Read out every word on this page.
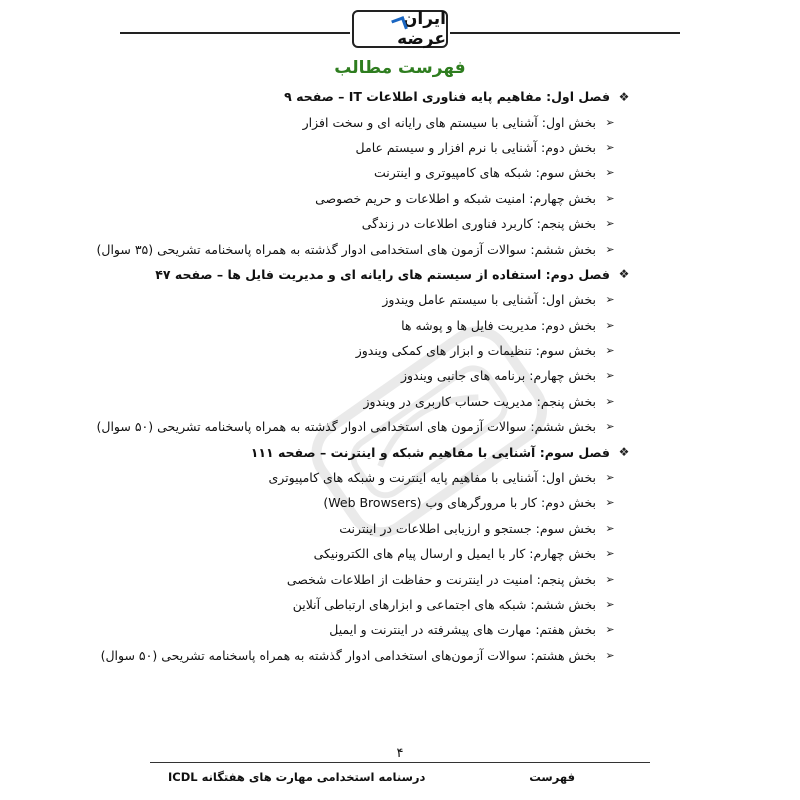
ایران عرضه
فهرست مطالب
❖
فصل اول: مفاهیم پایه فناوری اطلاعات IT – صفحه ۹
➢
بخش اول: آشنایی با سیستم های رایانه ای و سخت افزار
➢
بخش دوم: آشنایی با نرم افزار و سیستم عامل
➢
بخش سوم: شبکه های کامپیوتری و اینترنت
➢
بخش چهارم: امنیت شبکه و اطلاعات و حریم خصوصی
➢
بخش پنجم: کاربرد فناوری اطلاعات در زندگی
➢
بخش ششم: سوالات آزمون های استخدامی ادوار گذشته به همراه پاسخنامه تشریحی (۳۵ سوال)
❖
فصل دوم: استفاده از سیستم های رایانه ای و مدیریت فایل ها – صفحه ۴۷
➢
بخش اول: آشنایی با سیستم عامل ویندوز
➢
بخش دوم: مدیریت فایل ها و پوشه ها
➢
بخش سوم: تنظیمات و ابزار های کمکی ویندوز
➢
بخش چهارم: برنامه های جانبی ویندوز
➢
بخش پنجم: مدیریت حساب کاربری در ویندوز
➢
بخش ششم: سوالات آزمون های استخدامی ادوار گذشته به همراه پاسخنامه تشریحی (۵۰ سوال)
❖
فصل سوم: آشنایی با مفاهیم شبکه و اینترنت – صفحه ۱۱۱
➢
بخش اول: آشنایی با مفاهیم پایه اینترنت و شبکه های کامپیوتری
➢
بخش دوم: کار با مرورگرهای وب (Web Browsers)
➢
بخش سوم: جستجو و ارزیابی اطلاعات در اینترنت
➢
بخش چهارم: کار با ایمیل و ارسال پیام های الکترونیکی
➢
بخش پنجم: امنیت در اینترنت و حفاظت از اطلاعات شخصی
➢
بخش ششم: شبکه های اجتماعی و ابزارهای ارتباطی آنلاین
➢
بخش هفتم: مهارت های پیشرفته در اینترنت و ایمیل
➢
بخش هشتم: سوالات آزمون‌های استخدامی ادوار گذشته به همراه پاسخنامه تشریحی (۵۰ سوال)
۴
فهرست
درسنامه استخدامی مهارت های هفتگانه ICDL
